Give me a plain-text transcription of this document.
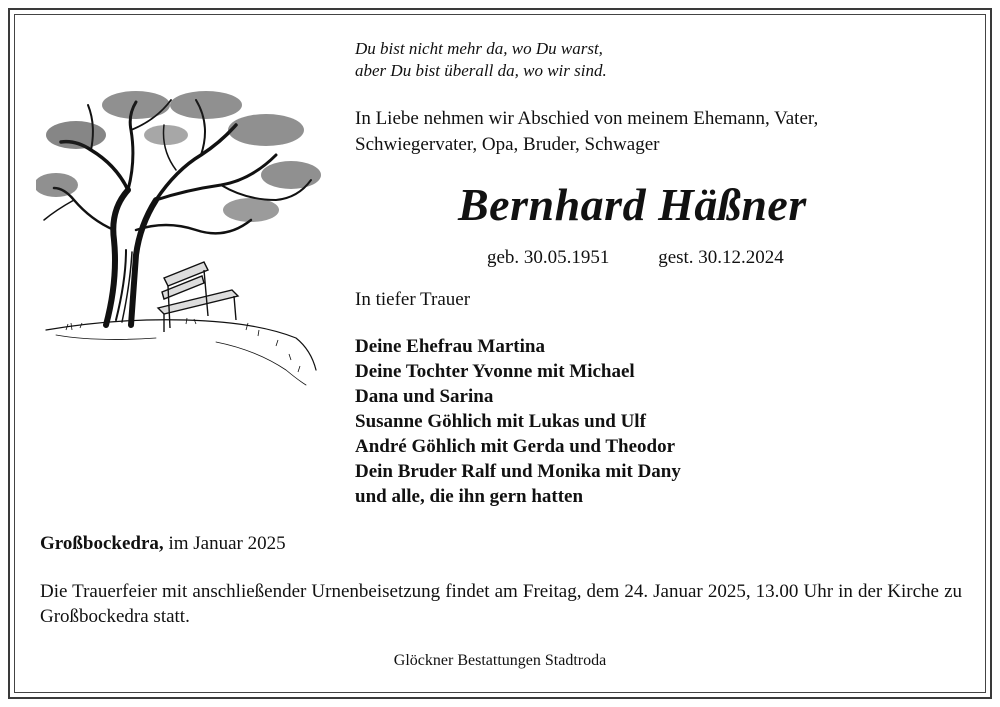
Du bist nicht mehr da, wo Du warst,
aber Du bist überall da, wo wir sind.
In Liebe nehmen wir Abschied von meinem Ehemann, Vater,
Schwiegervater, Opa, Bruder, Schwager
Bernhard Häßner
geb. 30.05.1951	gest. 30.12.2024
In tiefer Trauer
Deine Ehefrau Martina
Deine Tochter Yvonne mit Michael
Dana und Sarina
Susanne Göhlich mit Lukas und Ulf
André Göhlich mit Gerda und Theodor
Dein Bruder Ralf und Monika mit Dany
und alle, die ihn gern hatten
Großbockedra, im Januar 2025
Die Trauerfeier mit anschließender Urnenbeisetzung findet am Freitag, dem 24. Januar 2025, 13.00 Uhr in der Kirche zu Großbockedra statt.
Glöckner Bestattungen Stadtroda
